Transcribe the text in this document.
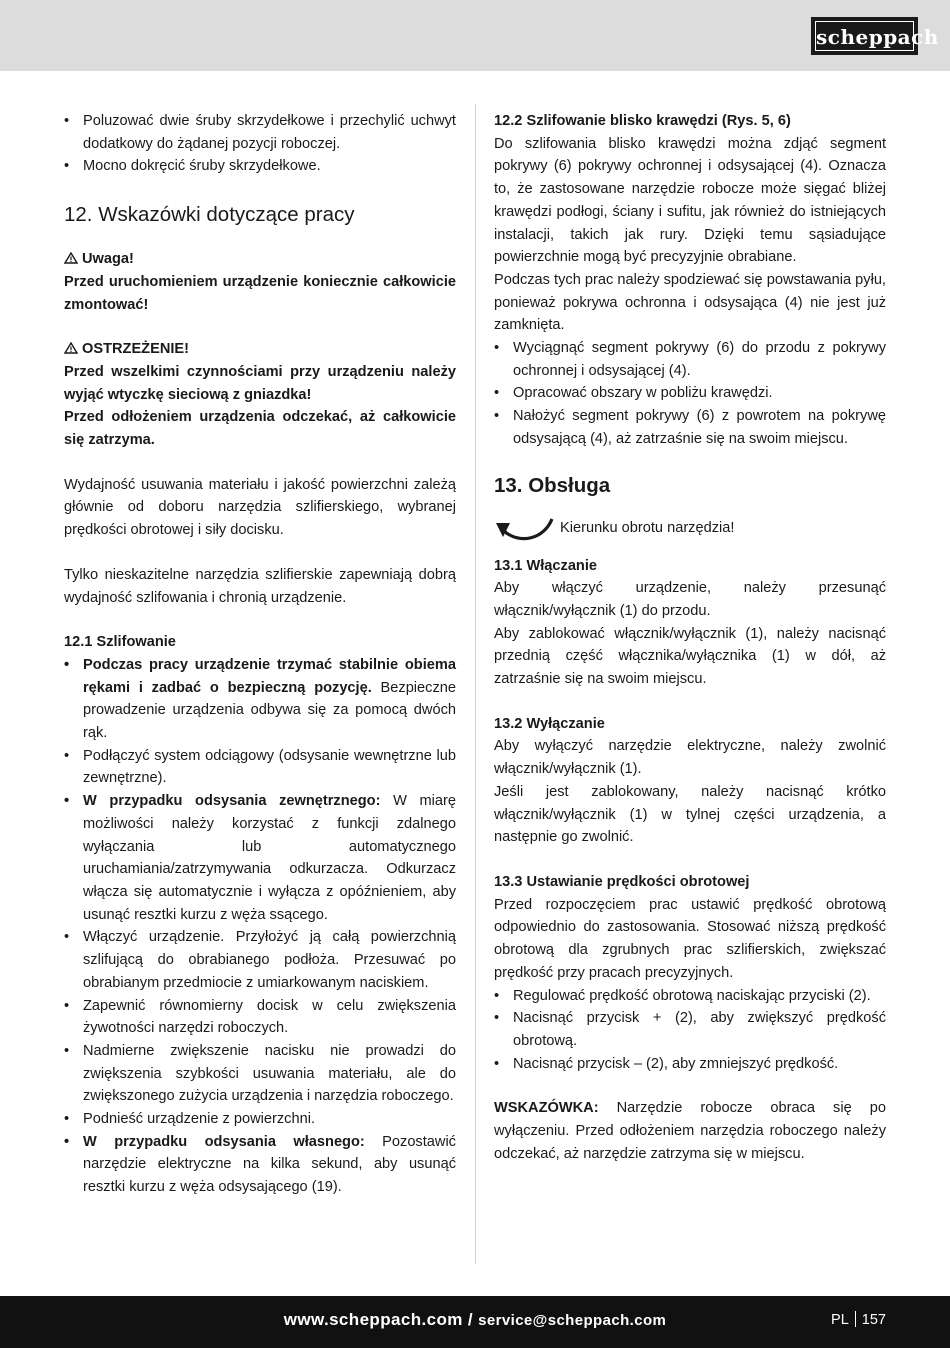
scheppach
• Poluzować dwie śruby skrzydełkowe i przechylić uchwyt dodatkowy do żądanej pozycji roboczej.
• Mocno dokręcić śruby skrzydełkowe.
12. Wskazówki dotyczące pracy

Uwaga!

Przed uruchomieniem urządzenie koniecznie całkowicie zmontować!

OSTRZEŻENIE!

Przed wszelkimi czynnościami przy urządzeniu należy wyjąć wtyczkę sieciową z gniazdka!

Przed odłożeniem urządzenia odczekać, aż całkowicie się zatrzyma.

Wydajność usuwania materiału i jakość powierzchni zależą głównie od doboru narzędzia szlifierskiego, wybranej prędkości obrotowej i siły docisku.

Tylko nieskazitelne narzędzia szlifierskie zapewniają dobrą wydajność szlifowania i chronią urządzenie.

12.1 Szlifowanie

• Podczas pracy urządzenie trzymać stabilnie obiema rękami i zadbać o bezpieczną pozycję. Bezpieczne prowadzenie urządzenia odbywa się za pomocą dwóch rąk.
• Podłączyć system odciągowy (odsysanie wewnętrzne lub zewnętrzne).
• W przypadku odsysania zewnętrznego: W miarę możliwości należy korzystać z funkcji zdalnego wyłączania lub automatycznego uruchamiania/zatrzymywania odkurzacza. Odkurzacz włącza się automatycznie i wyłącza z opóźnieniem, aby usunąć resztki kurzu z węża ssącego.
• Włączyć urządzenie. Przyłożyć ją całą powierzchnią szlifującą do obrabianego podłoża. Przesuwać po obrabianym przedmiocie z umiarkowanym naciskiem.
• Zapewnić równomierny docisk w celu zwiększenia żywotności narzędzi roboczych.
• Nadmierne zwiększenie nacisku nie prowadzi do zwiększenia szybkości usuwania materiału, ale do zwiększonego zużycia urządzenia i narzędzia roboczego.
• Podnieść urządzenie z powierzchni.
• W przypadku odsysania własnego: Pozostawić narzędzie elektryczne na kilka sekund, aby usunąć resztki kurzu z węża odsysającego (19).

12.2 Szlifowanie blisko krawędzi (Rys. 5, 6)

Do szlifowania blisko krawędzi można zdjąć segment pokrywy (6) pokrywy ochronnej i odsysającej (4). Oznacza to, że zastosowane narzędzie robocze może sięgać bliżej krawędzi podłogi, ściany i sufitu, jak również do istniejących instalacji, takich jak rury. Dzięki temu sąsiadujące powierzchnie mogą być precyzyjnie obrabiane.

Podczas tych prac należy spodziewać się powstawania pyłu, ponieważ pokrywa ochronna i odsysająca (4) nie jest już zamknięta.

• Wyciągnąć segment pokrywy (6) do przodu z pokrywy ochronnej i odsysającej (4).
• Opracować obszary w pobliżu krawędzi.
• Nałożyć segment pokrywy (6) z powrotem na pokrywę odsysającą (4), aż zatrzaśnie się na swoim miejscu.
13. Obsługa
Kierunku obrotu narzędzia!

13.1 Włączanie

Aby włączyć urządzenie, należy przesunąć włącznik/wyłącznik (1) do przodu.

Aby zablokować włącznik/wyłącznik (1), należy nacisnąć przednią część włącznika/wyłącznika (1) w dół, aż zatrzaśnie się na swoim miejscu.

13.2 Wyłączanie

Aby wyłączyć narzędzie elektryczne, należy zwolnić włącznik/wyłącznik (1).

Jeśli jest zablokowany, należy nacisnąć krótko włącznik/wyłącznik (1) w tylnej części urządzenia, a następnie go zwolnić.

13.3 Ustawianie prędkości obrotowej

Przed rozpoczęciem prac ustawić prędkość obrotową odpowiednio do zastosowania. Stosować niższą prędkość obrotową dla zgrubnych prac szlifierskich, zwiększać prędkość przy pracach precyzyjnych.

• Regulować prędkość obrotową naciskając przyciski (2).
• Nacisnąć przycisk + (2), aby zwiększyć prędkość obrotową.
• Nacisnąć przycisk – (2), aby zmniejszyć prędkość.

WSKAZÓWKA: Narzędzie robocze obraca się po wyłączeniu. Przed odłożeniem narzędzia roboczego należy odczekać, aż narzędzie zatrzyma się w miejscu.

www.scheppach.com / service@scheppach.com	PL 157
